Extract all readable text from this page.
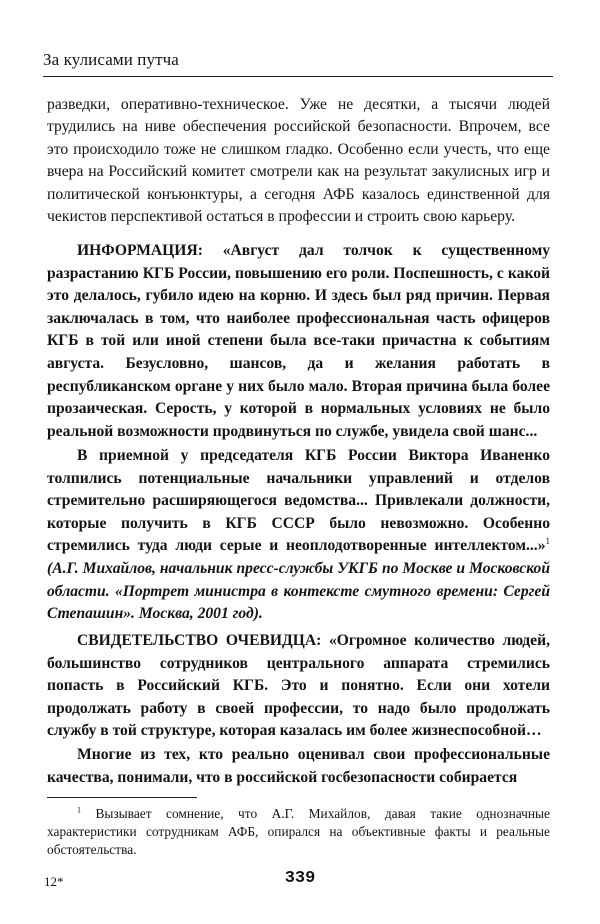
За кулисами путча

разведки, оперативно-техническое. Уже не десятки, а тысячи людей трудились на ниве обеспечения российской безопасности. Впрочем, все это происходило тоже не слишком гладко. Особенно если учесть, что еще вчера на Российский комитет смотрели как на результат закулисных игр и политической конъюнктуры, а сегодня АФБ казалось единственной для чекистов перспективой остаться в профессии и строить свою карьеру.

ИНФОРМАЦИЯ: «Август дал толчок к существенному разрастанию КГБ России, повышению его роли. Поспешность, с какой это делалось, губило идею на корню. И здесь был ряд причин. Первая заключалась в том, что наиболее профессиональная часть офицеров КГБ в той или иной степени была все-таки причастна к событиям августа. Безусловно, шансов, да и желания работать в республиканском органе у них было мало. Вторая причина была более прозаическая. Серость, у которой в нормальных условиях не было реальной возможности продвинуться по службе, увидела свой шанс...

В приемной у председателя КГБ России Виктора Иваненко толпились потенциальные начальники управлений и отделов стремительно расширяющегося ведомства... Привлекали должности, которые получить в КГБ СССР было невозможно. Особенно стремились туда люди серые и неоплодотворенные интеллектом...»$^1$ (А.Г. Михайлов, начальник пресс-службы УКГБ по Москве и Московской области. «Портрет министра в контексте смутного времени: Сергей Степашин». Москва, 2001 год).

СВИДЕТЕЛЬСТВО ОЧЕВИДЦА: «Огромное количество людей, большинство сотрудников центрального аппарата стремились попасть в Российский КГБ. Это и понятно. Если они хотели продолжать работу в своей профессии, то надо было продолжать службу в той структуре, которая казалась им более жизнеспособной…

Многие из тех, кто реально оценивал свои профессиональные качества, понимали, что в российской госбезопасности собирается

$^1$ Вызывает сомнение, что А.Г. Михайлов, давая такие однозначные характеристики сотрудникам АФБ, опирался на объективные факты и реальные обстоятельства.

12*	339
